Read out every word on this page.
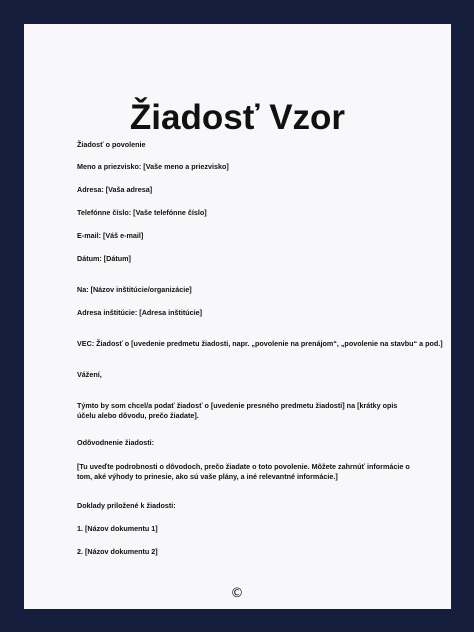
Žiadosť Vzor
Žiadosť o povolenie
Meno a priezvisko: [Vaše meno a priezvisko]
Adresa: [Vaša adresa]
Telefónne číslo: [Vaše telefónne číslo]
E-mail: [Váš e-mail]
Dátum: [Dátum]
Na: [Názov inštitúcie/organizácie]
Adresa inštitúcie: [Adresa inštitúcie]
VEC: Žiadosť o [uvedenie predmetu žiadosti, napr. „povolenie na prenájom“, „povolenie na stavbu“ a pod.]
Vážení,
Týmto by som chcel/a podať žiadosť o [uvedenie presného predmetu žiadosti] na [krátky opis účelu alebo dôvodu, prečo žiadate].
Odôvodnenie žiadosti:
[Tu uveďte podrobnosti o dôvodoch, prečo žiadate o toto povolenie. Môžete zahrnúť informácie o tom, aké výhody to prinesie, ako sú vaše plány, a iné relevantné informácie.]
Doklady priložené k žiadosti:
1. [Názov dokumentu 1]
2. [Názov dokumentu 2]
©
